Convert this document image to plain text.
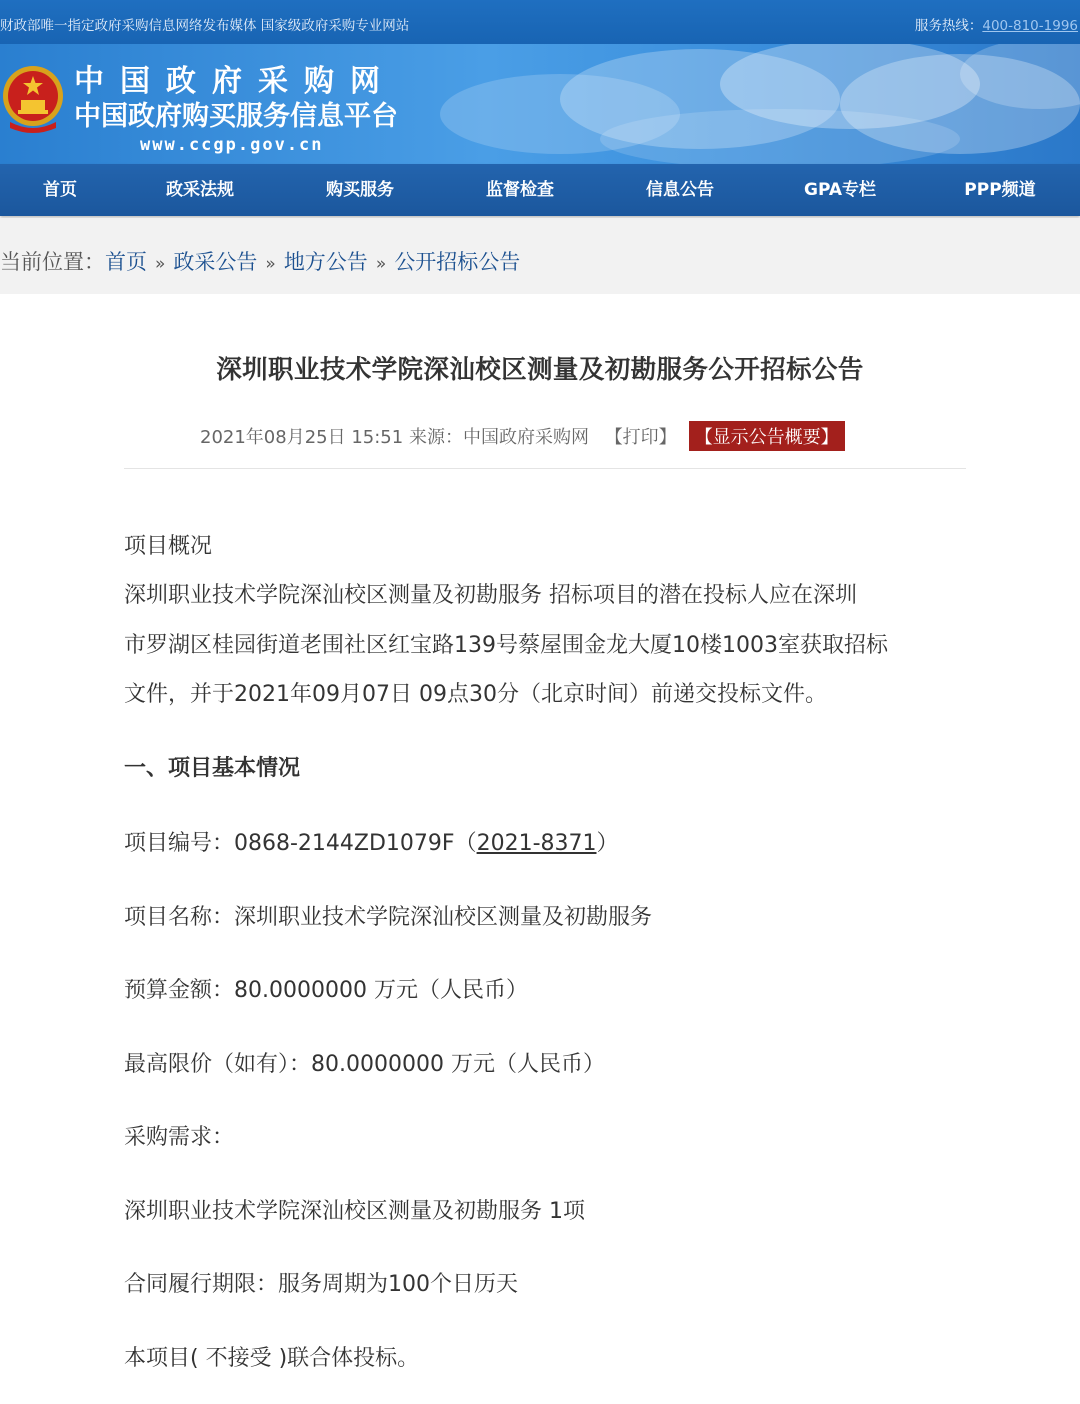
财政部唯一指定政府采购信息网络发布媒体 国家级政府采购专业网站	服务热线：400-810-1996
中国政府采购网
中国政府购买服务信息平台
www.ccgp.gov.cn
首页	政采法规	购买服务	监督检查	信息公告	GPA专栏	PPP频道
当前位置：首页 » 政采公告 » 地方公告 » 公开招标公告
深圳职业技术学院深汕校区测量及初勘服务公开招标公告
2021年08月25日 15:51 来源：中国政府采购网 【打印】 【显示公告概要】
项目概况
深圳职业技术学院深汕校区测量及初勘服务 招标项目的潜在投标人应在深圳
市罗湖区桂园街道老围社区红宝路139号蔡屋围金龙大厦10楼1003室获取招标
文件，并于2021年09月07日 09点30分（北京时间）前递交投标文件。
一、项目基本情况
项目编号：0868-2144ZD1079F（2021-8371）
项目名称：深圳职业技术学院深汕校区测量及初勘服务
预算金额：80.0000000 万元（人民币）
最高限价（如有）：80.0000000 万元（人民币）
采购需求：
深圳职业技术学院深汕校区测量及初勘服务 1项
合同履行期限：服务周期为100个日历天
本项目( 不接受 )联合体投标。
